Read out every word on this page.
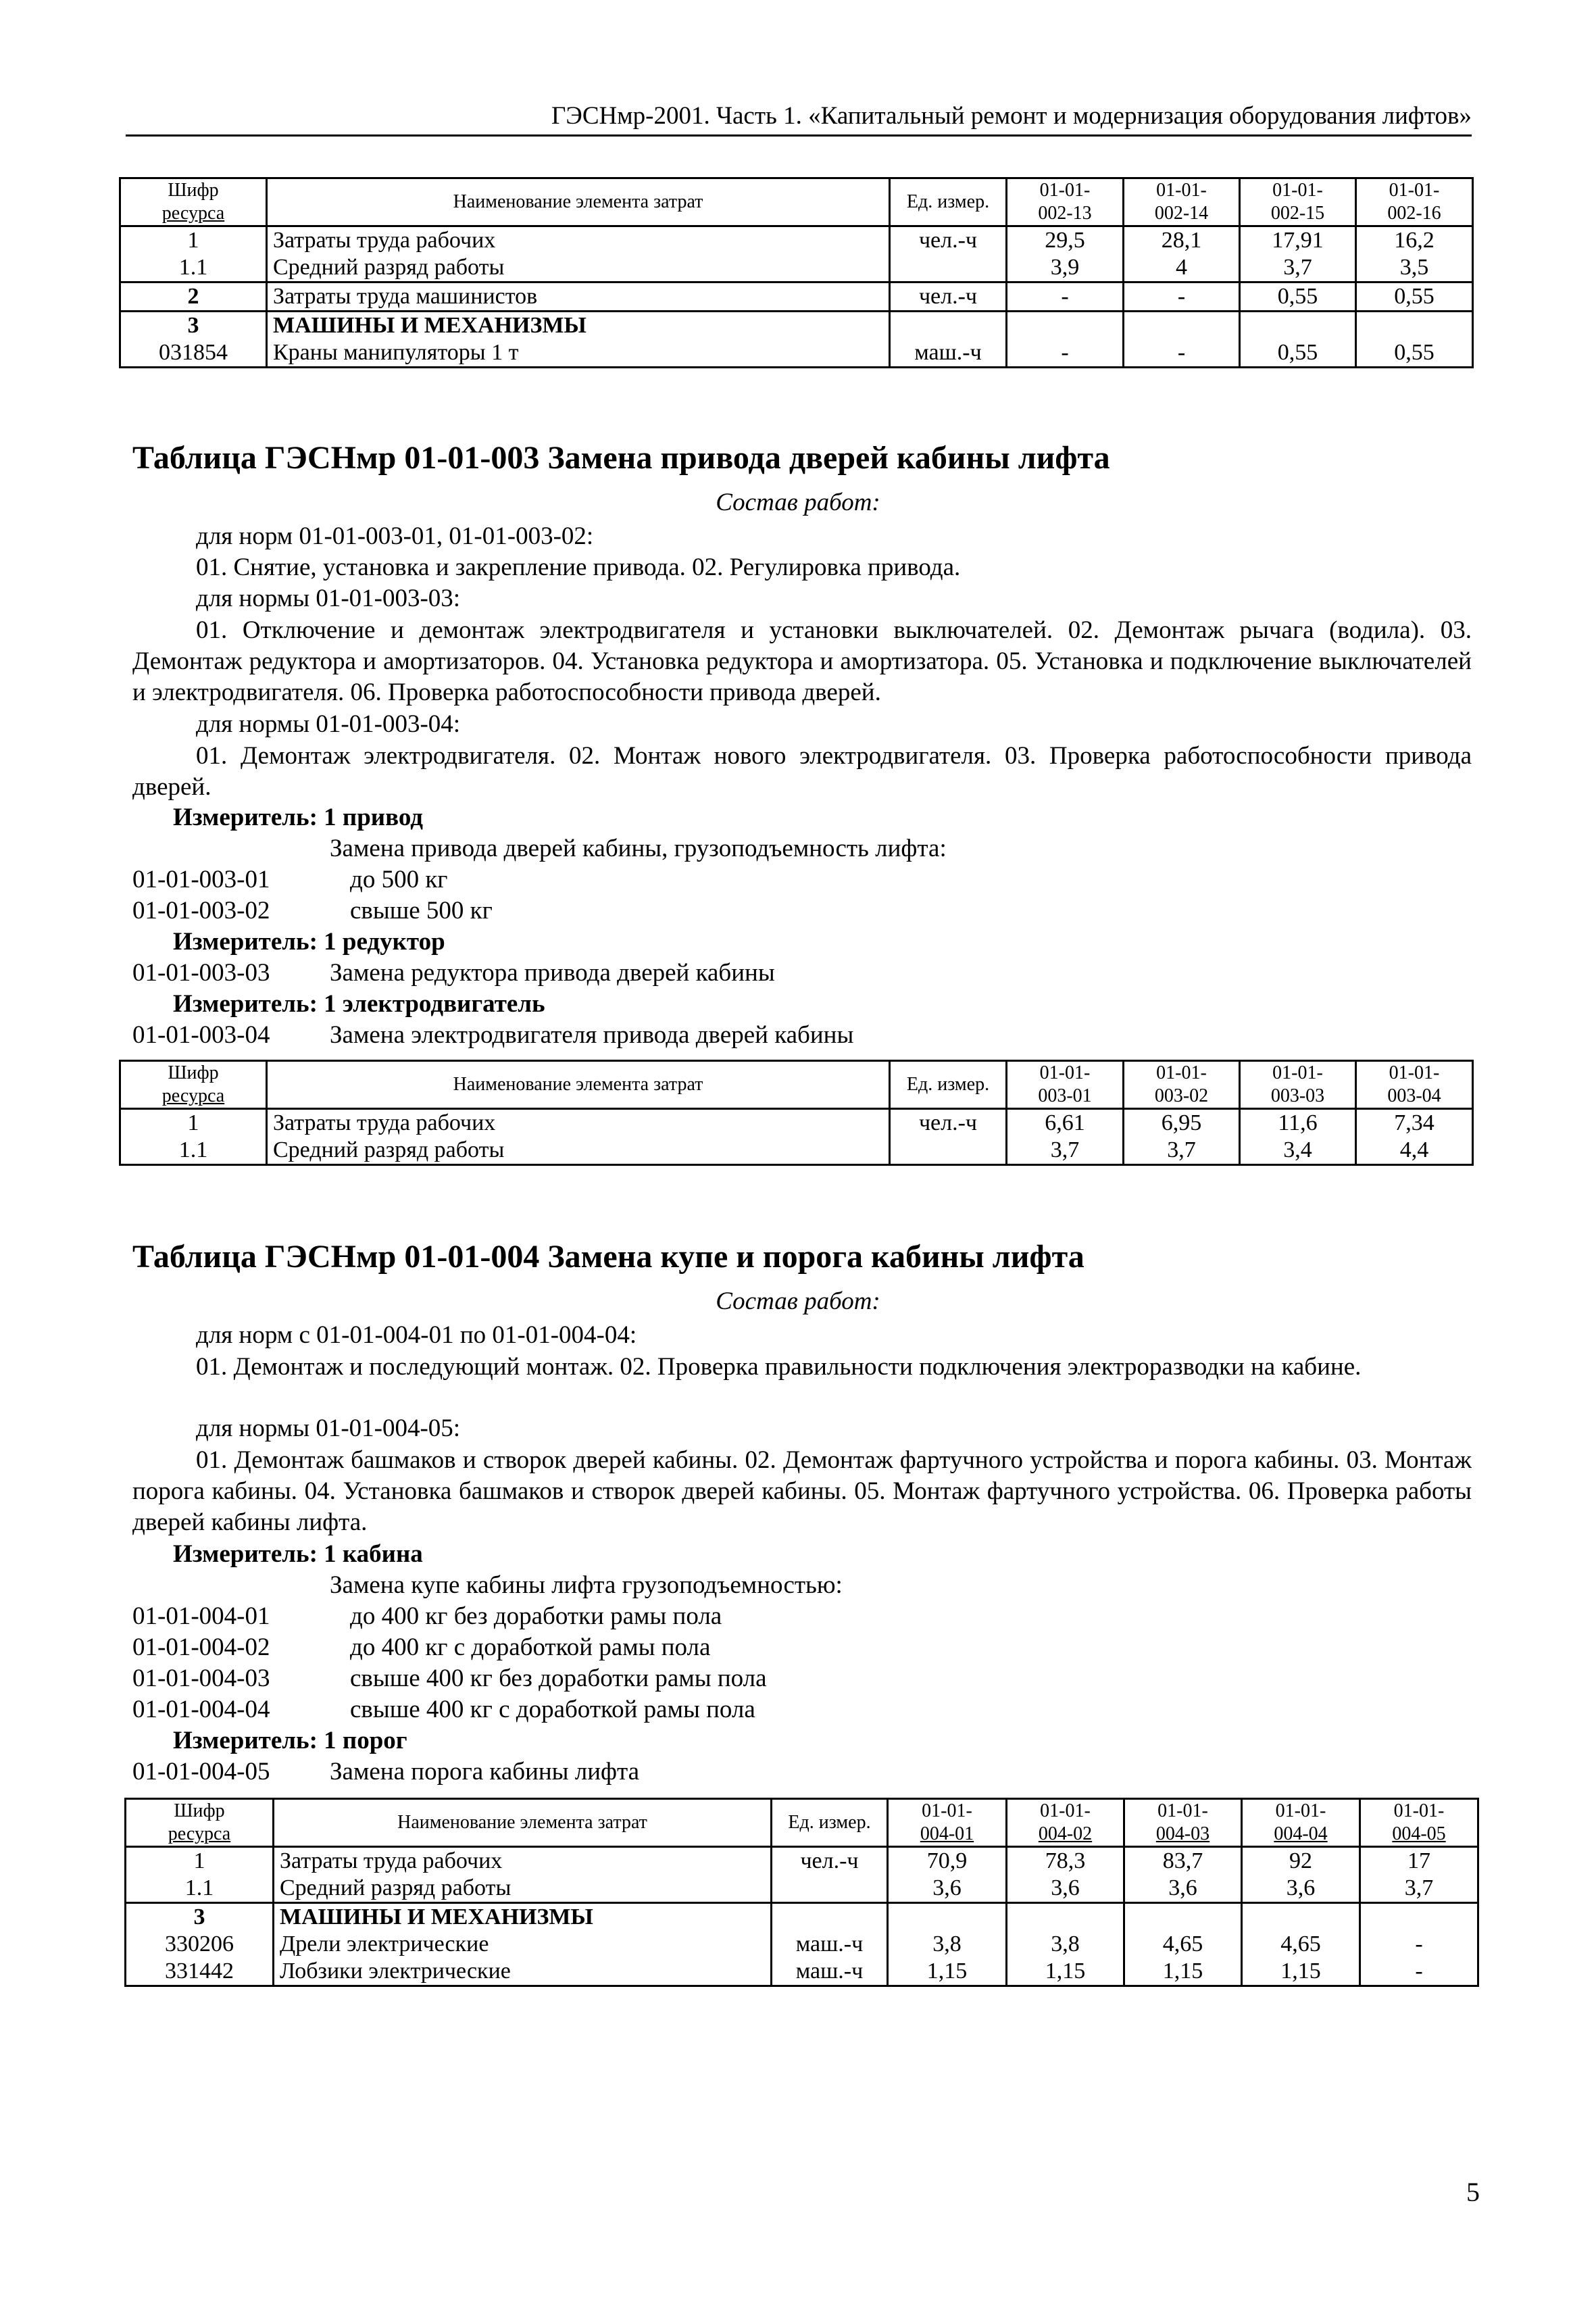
ГЭСНмр-2001. Часть 1. «Капитальный ремонт и модернизация оборудования лифтов»
Шифр
ресурса	Наименование элемента затрат	Ед. измер.	01-01-
002-13	01-01-
002-14	01-01-
002-15	01-01-
002-16
1	Затраты труда рабочих	чел.-ч	29,5	28,1	17,91	16,2
1.1	Средний разряд работы		3,9	4	3,7	3,5
2	Затраты труда машинистов	чел.-ч	-	-	0,55	0,55
3	МАШИНЫ И МЕХАНИЗМЫ					
031854	Краны манипуляторы 1 т	маш.-ч	-	-	0,55	0,55
Таблица ГЭСНмр 01-01-003 Замена привода дверей кабины лифта
Состав работ:
для норм 01-01-003-01, 01-01-003-02:
01. Снятие, установка и закрепление привода. 02. Регулировка привода.
для нормы 01-01-003-03:
01. Отключение и демонтаж электродвигателя и установки выключателей. 02. Демонтаж рычага (водила). 03. Демонтаж редуктора и амортизаторов. 04. Установка редуктора и амортизатора. 05. Установка и подключение выключателей и электродвигателя. 06. Проверка работоспособности привода дверей.
для нормы 01-01-003-04:
01. Демонтаж электродвигателя. 02. Монтаж нового электродвигателя. 03. Проверка работоспособности привода дверей.
Измеритель: 1 привод
Замена привода дверей кабины, грузоподъемность лифта:
01-01-003-01	до 500 кг
01-01-003-02	свыше 500 кг
Измеритель: 1 редуктор
01-01-003-03 Замена редуктора привода дверей кабины
Измеритель: 1 электродвигатель
01-01-003-04 Замена электродвигателя привода дверей кабины
Шифр
ресурса	Наименование элемента затрат	Ед. измер.	01-01-
003-01	01-01-
003-02	01-01-
003-03	01-01-
003-04
1	Затраты труда рабочих	чел.-ч	6,61	6,95	11,6	7,34
1.1	Средний разряд работы		3,7	3,7	3,4	4,4
Таблица ГЭСНмр 01-01-004 Замена купе и порога кабины лифта
Состав работ:
для норм с 01-01-004-01 по 01-01-004-04:
01. Демонтаж и последующий монтаж. 02. Проверка правильности подключения электроразводки на кабине.
для нормы 01-01-004-05:
01. Демонтаж башмаков и створок дверей кабины. 02. Демонтаж фартучного устройства и порога кабины. 03. Монтаж порога кабины. 04. Установка башмаков и створок дверей кабины. 05. Монтаж фартучного устройства. 06. Проверка работы дверей кабины лифта.
Измеритель: 1 кабина
Замена купе кабины лифта грузоподъемностью:
01-01-004-01	до 400 кг без доработки рамы пола
01-01-004-02	до 400 кг с доработкой рамы пола
01-01-004-03	свыше 400 кг без доработки рамы пола
01-01-004-04	свыше 400 кг с доработкой рамы пола
Измеритель: 1 порог
01-01-004-05 Замена порога кабины лифта
Шифр
ресурса	Наименование элемента затрат	Ед. измер.	01-01-
004-01	01-01-
004-02	01-01-
004-03	01-01-
004-04	01-01-
004-05
1	Затраты труда рабочих	чел.-ч	70,9	78,3	83,7	92	17
1.1	Средний разряд работы		3,6	3,6	3,6	3,6	3,7
3	МАШИНЫ И МЕХАНИЗМЫ						
330206	Дрели электрические	маш.-ч	3,8	3,8	4,65	4,65	-
331442	Лобзики электрические	маш.-ч	1,15	1,15	1,15	1,15	-
5
